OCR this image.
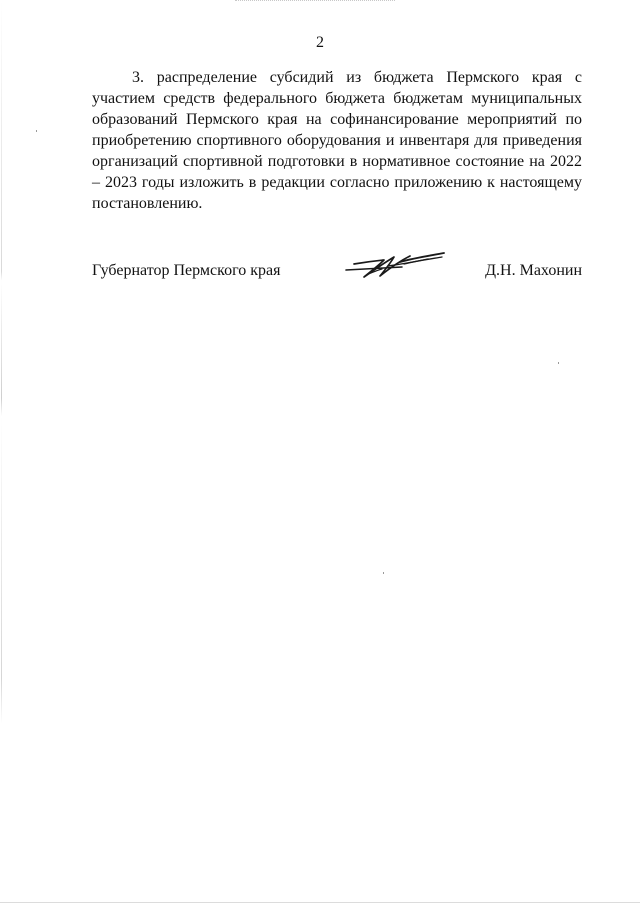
2

3. распределение субсидий из бюджета Пермского края с участием средств федерального бюджета бюджетам муниципальных образований Пермского края на софинансирование мероприятий по приобретению спортивного оборудования и инвентаря для приведения организаций спортивной подготовки в нормативное состояние на 2022 – 2023 годы изложить в редакции согласно приложению к настоящему постановлению.

Губернатор Пермского края	Д.Н. Махонин
